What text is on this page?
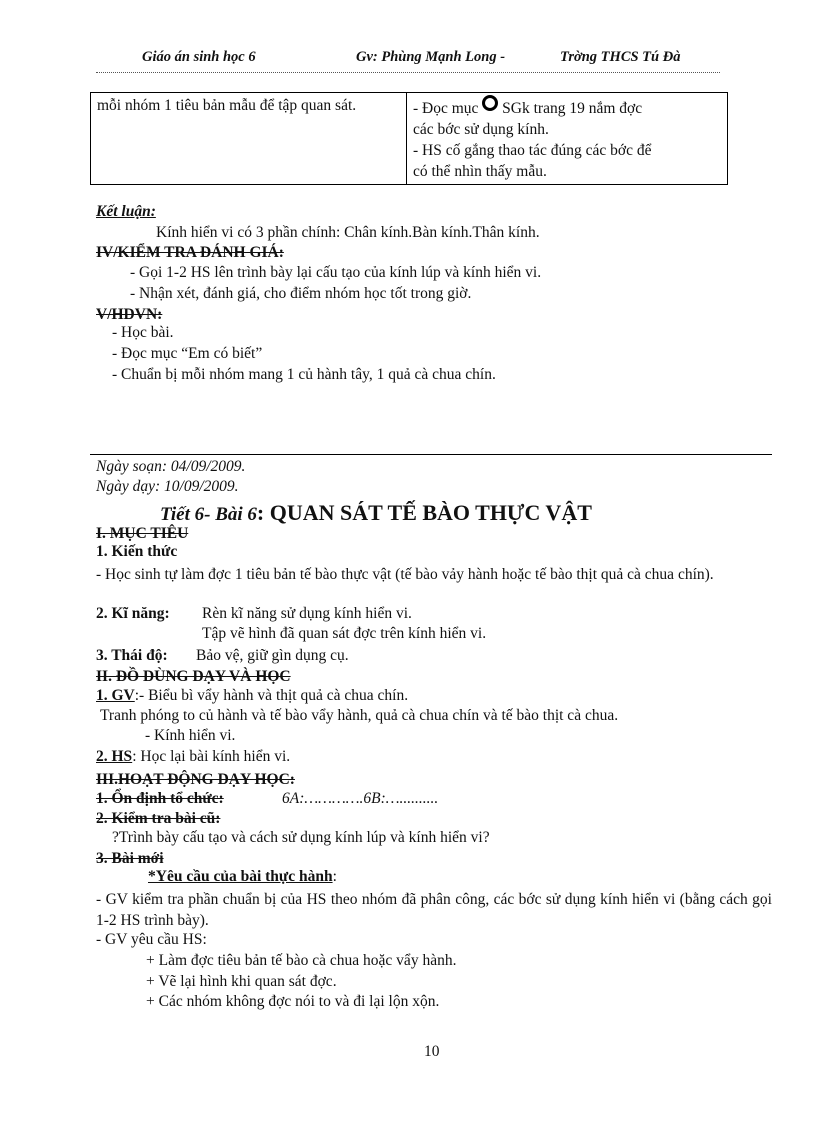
Giáo án sinh học 6	Gv: Phùng Mạnh Long -	Trờng THCS Tú Đà
mỗi nhóm 1 tiêu bản mẫu để tập quan sát.	- Đọc mục SGk trang 19 nắm đợc
các bớc sử dụng kính.
- HS cố gắng thao tác đúng các bớc để
có thể nhìn thấy mẫu.
Kết luận:
Kính hiển vi có 3 phần chính: Chân kính.Bàn kính.Thân kính.
IV/KIỂM TRA ĐÁNH GIÁ:
- Gọi 1-2 HS lên trình bày lại cấu tạo của kính lúp và kính hiển vi.
- Nhận xét, đánh giá, cho điểm nhóm học tốt trong giờ.
V/HDVN:
- Học bài.
- Đọc mục “Em có biết”
- Chuẩn bị mỗi nhóm mang 1 củ hành tây, 1 quả cà chua chín.
Ngày soạn: 04/09/2009.
Ngày dạy: 10/09/2009.
Tiết 6- Bài 6: QUAN SÁT TẾ BÀO THỰC VẬT
I. MỤC TIÊU
1. Kiến thức
- Học sinh tự làm đợc 1 tiêu bản tế bào thực vật (tế bào vảy hành hoặc tế bào thịt quả cà chua chín).
2. Kĩ năng: Rèn kĩ năng sử dụng kính hiển vi.
Tập vẽ hình đã quan sát đợc trên kính hiển vi.
3. Thái độ: Bảo vệ, giữ gìn dụng cụ.
II. ĐỒ DÙNG DẠY VÀ HỌC
1. GV:- Biểu bì vẩy hành và thịt quả cà chua chín.
Tranh phóng to củ hành và tế bào vẩy hành, quả cà chua chín và tế bào thịt cà chua.
- Kính hiển vi.
2. HS: Học lại bài kính hiển vi.
III.HOẠT ĐỘNG DẠY HỌC:
1. Ổn định tổ chức:	6A:………….6B:…..........
2. Kiểm tra bài cũ:
?Trình bày cấu tạo và cách sử dụng kính lúp và kính hiển vi?
3. Bài mới
*Yêu cầu của bài thực hành:
- GV kiểm tra phần chuẩn bị của HS theo nhóm đã phân công, các bớc sử dụng kính hiển vi (bằng cách gọi 1-2 HS trình bày).
- GV yêu cầu HS:
+ Làm đợc tiêu bản tế bào cà chua hoặc vẩy hành.
+ Vẽ lại hình khi quan sát đợc.
+ Các nhóm không đợc nói to và đi lại lộn xộn.
10
